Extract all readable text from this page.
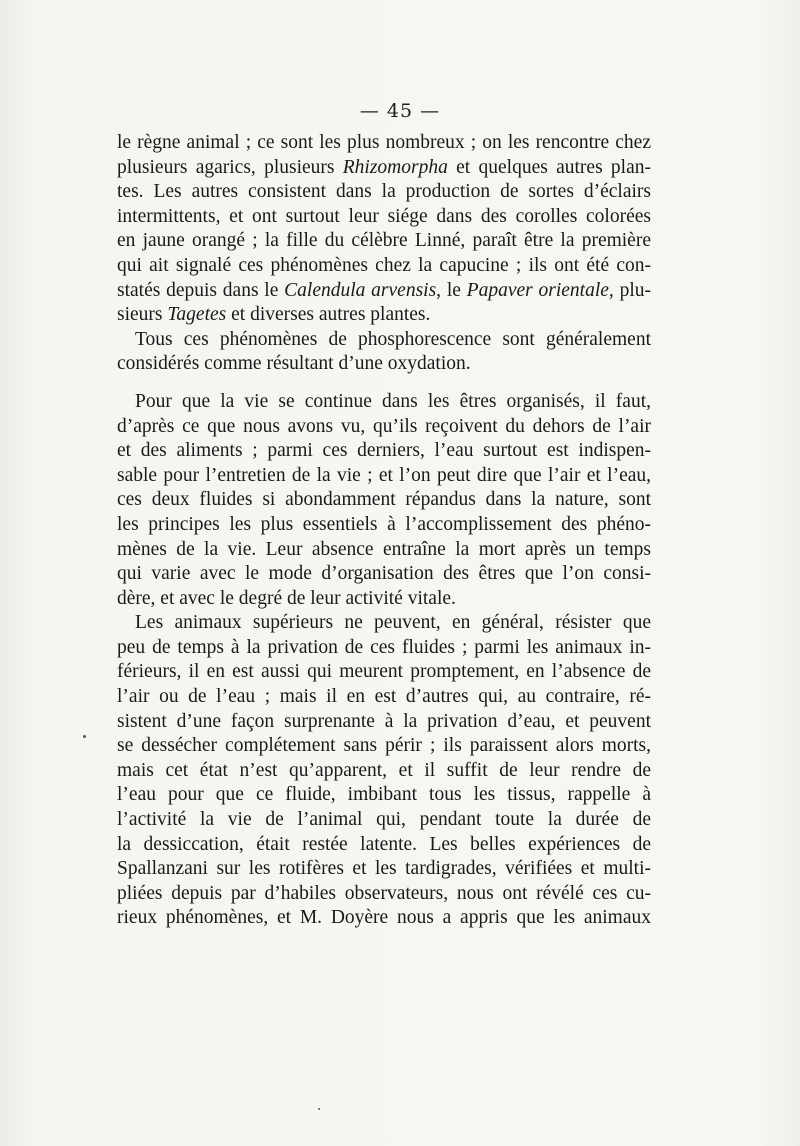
— 45 —
le règne animal ; ce sont les plus nombreux ; on les rencontre chez
plusieurs agarics, plusieurs Rhizomorpha et quelques autres plan-
tes. Les autres consistent dans la production de sortes d’éclairs
intermittents, et ont surtout leur siége dans des corolles colorées
en jaune orangé ; la fille du célèbre Linné, paraît être la première
qui ait signalé ces phénomènes chez la capucine ; ils ont été con-
statés depuis dans le Calendula arvensis, le Papaver orientale, plu-
sieurs Tagetes et diverses autres plantes.
Tous ces phénomènes de phosphorescence sont généralement
considérés comme résultant d’une oxydation.
Pour que la vie se continue dans les êtres organisés, il faut,
d’après ce que nous avons vu, qu’ils reçoivent du dehors de l’air
et des aliments ; parmi ces derniers, l’eau surtout est indispen-
sable pour l’entretien de la vie ; et l’on peut dire que l’air et l’eau,
ces deux fluides si abondamment répandus dans la nature, sont
les principes les plus essentiels à l’accomplissement des phéno-
mènes de la vie. Leur absence entraîne la mort après un temps
qui varie avec le mode d’organisation des êtres que l’on consi-
dère, et avec le degré de leur activité vitale.
Les animaux supérieurs ne peuvent, en général, résister que
peu de temps à la privation de ces fluides ; parmi les animaux in-
férieurs, il en est aussi qui meurent promptement, en l’absence de
l’air ou de l’eau ; mais il en est d’autres qui, au contraire, ré-
sistent d’une façon surprenante à la privation d’eau, et peuvent
se dessécher complétement sans périr ; ils paraissent alors morts,
mais cet état n’est qu’apparent, et il suffit de leur rendre de
l’eau pour que ce fluide, imbibant tous les tissus, rappelle à
l’activité la vie de l’animal qui, pendant toute la durée de
la dessiccation, était restée latente. Les belles expériences de
Spallanzani sur les rotifères et les tardigrades, vérifiées et multi-
pliées depuis par d’habiles observateurs, nous ont révélé ces cu-
rieux phénomènes, et M. Doyère nous a appris que les animaux
